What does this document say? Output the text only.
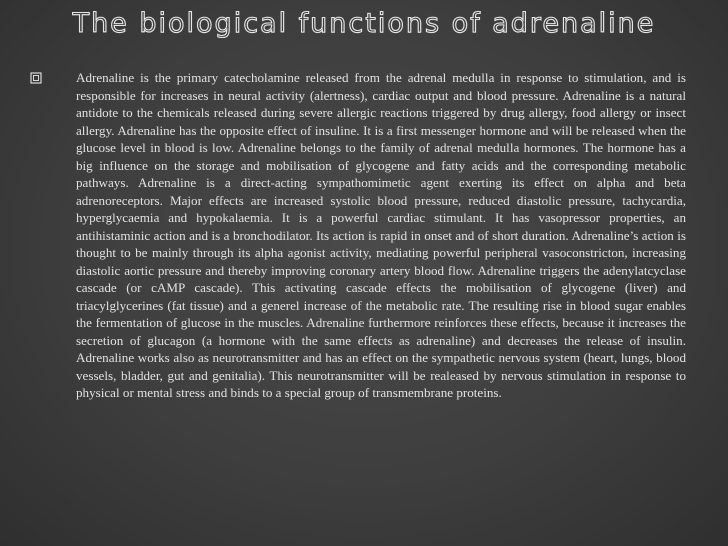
The biological functions of adrenaline

Adrenaline is the primary catecholamine released from the adrenal medulla in response to stimulation, and is responsible for increases in neural activity (alertness), cardiac output and blood pressure. Adrenaline is a natural antidote to the chemicals released during severe allergic reactions triggered by drug allergy, food allergy or insect allergy. Adrenaline has the opposite effect of insuline. It is a first messenger hormone and will be released when the glucose level in blood is low. Adrenaline belongs to the family of adrenal medulla hormones. The hormone has a big influence on the storage and mobilisation of glycogene and fatty acids and the corresponding metabolic pathways. Adrenaline is a direct-acting sympathomimetic agent exerting its effect on alpha and beta adrenoreceptors. Major effects are increased systolic blood pressure, reduced diastolic pressure, tachycardia, hyperglycaemia and hypokalaemia. It is a powerful cardiac stimulant. It has vasopressor properties, an antihistaminic action and is a bronchodilator. Its action is rapid in onset and of short duration. Adrenaline’s action is thought to be mainly through its alpha agonist activity, mediating powerful peripheral vasoconstricton, increasing diastolic aortic pressure and thereby improving coronary artery blood flow. Adrenaline triggers the adenylatcyclase cascade (or cAMP cascade). This activating cascade effects the mobilisation of glycogene (liver) and triacylglycerines (fat tissue) and a generel increase of the metabolic rate. The resulting rise in blood sugar enables the fermentation of glucose in the muscles. Adrenaline furthermore reinforces these effects, because it increases the secretion of glucagon (a hormone with the same effects as adrenaline) and decreases the release of insulin. Adrenaline works also as neurotransmitter and has an effect on the sympathetic nervous system (heart, lungs, blood vessels, bladder, gut and genitalia). This neurotransmitter will be realeased by nervous stimulation in response to physical or mental stress and binds to a special group of transmembrane proteins.
